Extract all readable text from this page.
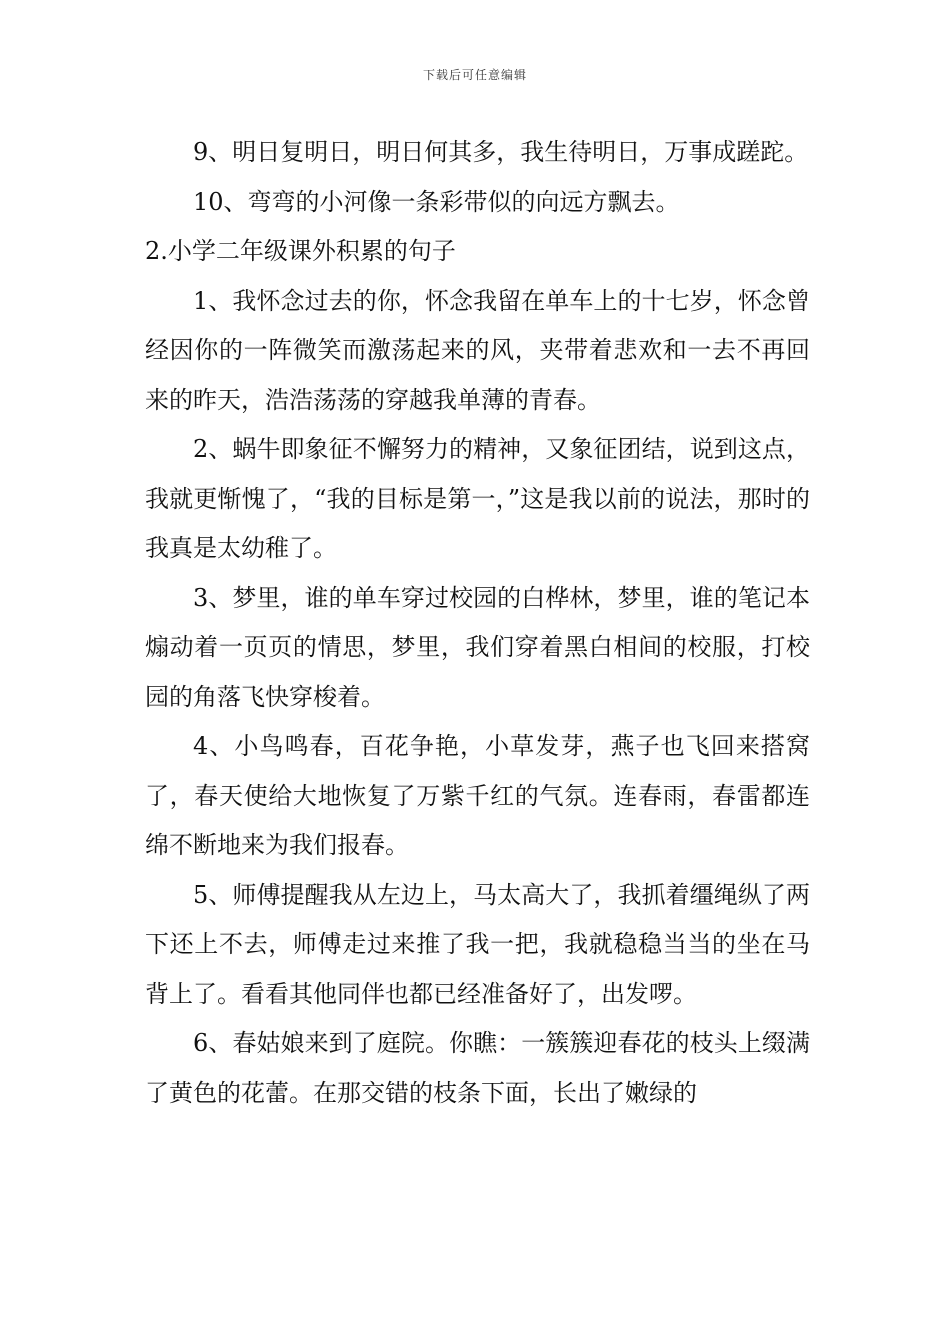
下载后可任意编辑

9、明日复明日，明日何其多，我生待明日，万事成蹉跎。

10、弯弯的小河像一条彩带似的向远方飘去。

2.小学二年级课外积累的句子

1、我怀念过去的你，怀念我留在单车上的十七岁，怀念曾经因你的一阵微笑而激荡起来的风，夹带着悲欢和一去不再回来的昨天，浩浩荡荡的穿越我单薄的青春。

2、蜗牛即象征不懈努力的精神，又象征团结，说到这点，我就更惭愧了，“我的目标是第一，”这是我以前的说法，那时的我真是太幼稚了。

3、梦里，谁的单车穿过校园的白桦林，梦里，谁的笔记本煽动着一页页的情思，梦里，我们穿着黑白相间的校服，打校园的角落飞快穿梭着。

4、小鸟鸣春，百花争艳，小草发芽，燕子也飞回来搭窝了，春天使给大地恢复了万紫千红的气氛。连春雨，春雷都连绵不断地来为我们报春。

5、师傅提醒我从左边上，马太高大了，我抓着缰绳纵了两下还上不去，师傅走过来推了我一把，我就稳稳当当的坐在马背上了。看看其他同伴也都已经准备好了，出发啰。

6、春姑娘来到了庭院。你瞧：一簇簇迎春花的枝头上缀满了黄色的花蕾。在那交错的枝条下面，长出了嫩绿的
